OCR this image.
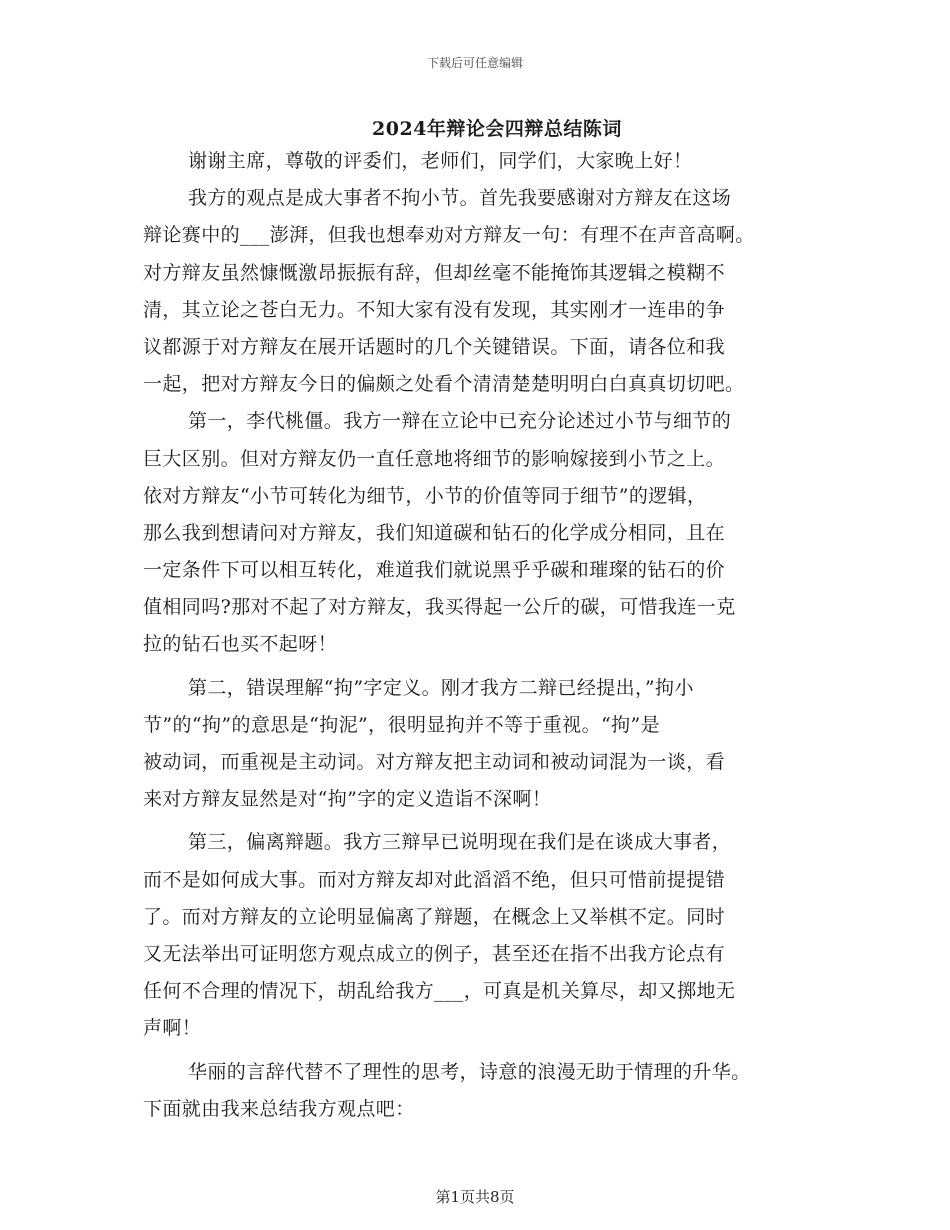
下载后可任意编辑
2024年辩论会四辩总结陈词
谢谢主席，尊敬的评委们，老师们，同学们，大家晚上好！
我方的观点是成大事者不拘小节。首先我要感谢对方辩友在这场
辩论赛中的___澎湃，但我也想奉劝对方辩友一句：有理不在声音高啊。
对方辩友虽然慷慨激昂振振有辞，但却丝毫不能掩饰其逻辑之模糊不
清，其立论之苍白无力。不知大家有没有发现，其实刚才一连串的争
议都源于对方辩友在展开话题时的几个关键错误。下面，请各位和我
一起，把对方辩友今日的偏颇之处看个清清楚楚明明白白真真切切吧。
第一，李代桃僵。我方一辩在立论中已充分论述过小节与细节的
巨大区别。但对方辩友仍一直任意地将细节的影响嫁接到小节之上。
依对方辩友“小节可转化为细节，小节的价值等同于细节”的逻辑，
那么我到想请问对方辩友，我们知道碳和钻石的化学成分相同，且在
一定条件下可以相互转化，难道我们就说黑乎乎碳和璀璨的钻石的价
值相同吗?那对不起了对方辩友，我买得起一公斤的碳，可惜我连一克
拉的钻石也买不起呀！
第二，错误理解“拘”字定义。刚才我方二辩已经提出，”拘小
节”的“拘”的意思是“拘泥”，很明显拘并不等于重视。“拘”是
被动词，而重视是主动词。对方辩友把主动词和被动词混为一谈，看
来对方辩友显然是对“拘”字的定义造诣不深啊！
第三，偏离辩题。我方三辩早已说明现在我们是在谈成大事者，
而不是如何成大事。而对方辩友却对此滔滔不绝，但只可惜前提提错
了。而对方辩友的立论明显偏离了辩题，在概念上又举棋不定。同时
又无法举出可证明您方观点成立的例子，甚至还在指不出我方论点有
任何不合理的情况下，胡乱给我方___，可真是机关算尽，却又掷地无
声啊！
华丽的言辞代替不了理性的思考，诗意的浪漫无助于情理的升华。
下面就由我来总结我方观点吧：
第1页共8页
